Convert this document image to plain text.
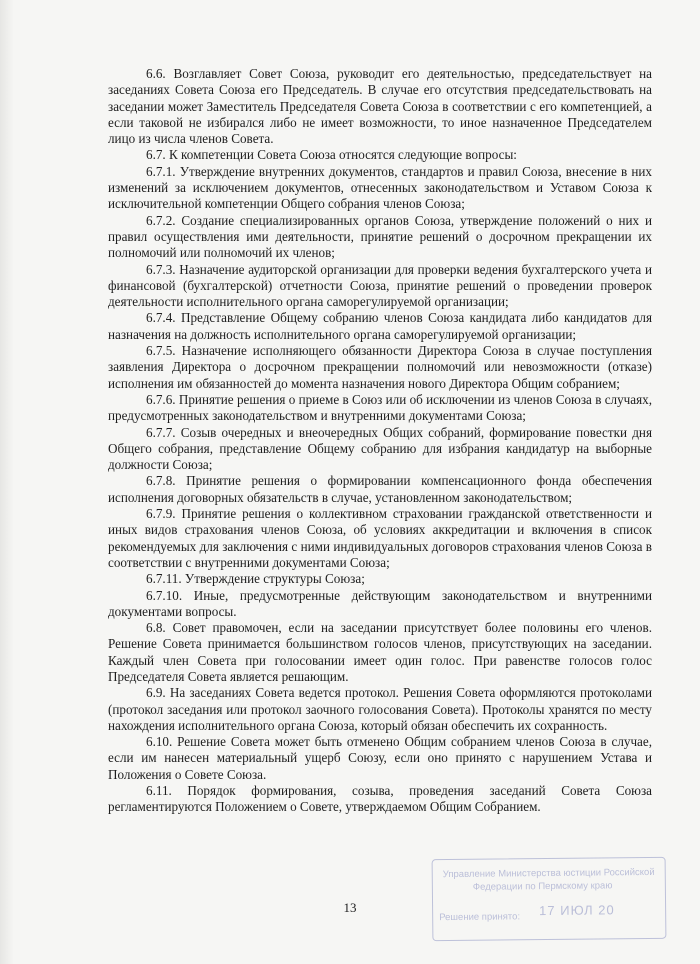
6.6. Возглавляет Совет Союза, руководит его деятельностью, председательствует на заседаниях Совета Союза его Председатель. В случае его отсутствия председательствовать на заседании может Заместитель Председателя Совета Союза в соответствии с его компетенцией, а если таковой не избирался либо не имеет возможности, то иное назначенное Председателем лицо из числа членов Совета.

6.7. К компетенции Совета Союза относятся следующие вопросы:

6.7.1. Утверждение внутренних документов, стандартов и правил Союза, внесение в них изменений за исключением документов, отнесенных законодательством и Уставом Союза к исключительной компетенции Общего собрания членов Союза;

6.7.2. Создание специализированных органов Союза, утверждение положений о них и правил осуществления ими деятельности, принятие решений о досрочном прекращении их полномочий или полномочий их членов;

6.7.3. Назначение аудиторской организации для проверки ведения бухгалтерского учета и финансовой (бухгалтерской) отчетности Союза, принятие решений о проведении проверок деятельности исполнительного органа саморегулируемой организации;

6.7.4. Представление Общему собранию членов Союза кандидата либо кандидатов для назначения на должность исполнительного органа саморегулируемой организации;

6.7.5. Назначение исполняющего обязанности Директора Союза в случае поступления заявления Директора о досрочном прекращении полномочий или невозможности (отказе) исполнения им обязанностей до момента назначения нового Директора Общим собранием;

6.7.6. Принятие решения о приеме в Союз или об исключении из членов Союза в случаях, предусмотренных законодательством и внутренними документами Союза;

6.7.7. Созыв очередных и внеочередных Общих собраний, формирование повестки дня Общего собрания, представление Общему собранию для избрания кандидатур на выборные должности Союза;

6.7.8. Принятие решения о формировании компенсационного фонда обеспечения исполнения договорных обязательств в случае, установленном законодательством;

6.7.9. Принятие решения о коллективном страховании гражданской ответственности и иных видов страхования членов Союза, об условиях аккредитации и включения в список рекомендуемых для заключения с ними индивидуальных договоров страхования членов Союза в соответствии с внутренними документами Союза;

6.7.11. Утверждение структуры Союза;

6.7.10. Иные, предусмотренные действующим законодательством и внутренними документами вопросы.

6.8. Совет правомочен, если на заседании присутствует более половины его членов. Решение Совета принимается большинством голосов членов, присутствующих на заседании. Каждый член Совета при голосовании имеет один голос. При равенстве голосов голос Председателя Совета является решающим.

6.9. На заседаниях Совета ведется протокол. Решения Совета оформляются протоколами (протокол заседания или протокол заочного голосования Совета). Протоколы хранятся по месту нахождения исполнительного органа Союза, который обязан обеспечить их сохранность.

6.10. Решение Совета может быть отменено Общим собранием членов Союза в случае, если им нанесен материальный ущерб Союзу, если оно принято с нарушением Устава и Положения о Совете Союза.

6.11. Порядок формирования, созыва, проведения заседаний Совета Союза регламентируются Положением о Совете, утверждаемом Общим Собранием.

13
Управление Министерства юстиции Российской
Федерации по Пермскому краю
Решение принято: 17 ИЮЛ 20
